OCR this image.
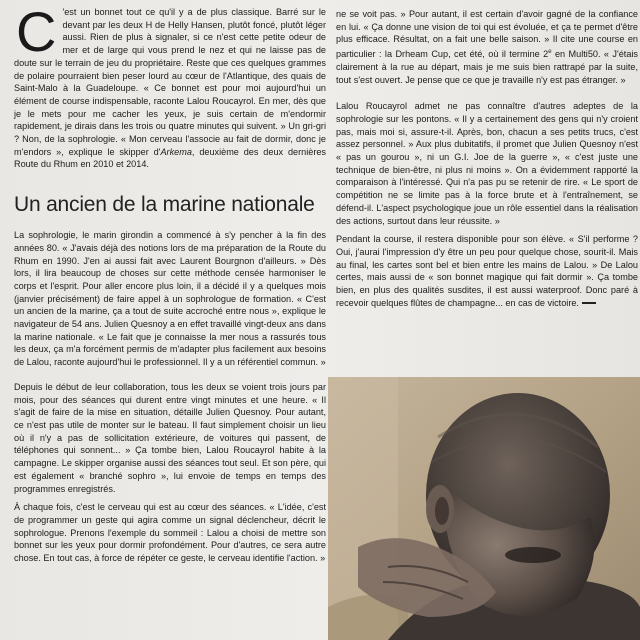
C 'est un bonnet tout ce qu'il y a de plus classique. Barré sur le devant par les deux H de Helly Hansen, plutôt foncé, plutôt léger aussi. Rien de plus à signaler, si ce n'est cette petite odeur de mer et de large qui vous prend le nez et qui ne laisse pas de doute sur le terrain de jeu du propriétaire. Reste que ces quelques grammes de polaire pourraient bien peser lourd au cœur de l'Atlantique, des quais de Saint-Malo à la Guadeloupe. « Ce bonnet est pour moi aujourd'hui un élément de course indispensable, raconte Lalou Roucayrol. En mer, dès que je le mets pour me cacher les yeux, je suis certain de m'endormir rapidement, je dirais dans les trois ou quatre minutes qui suivent. » Un gri-gri ? Non, de la sophrologie. « Mon cerveau l'associe au fait de dormir, donc je m'endors », explique le skipper d'Arkema, deuxième des deux dernières Route du Rhum en 2010 et 2014.

Un ancien de la marine nationale

La sophrologie, le marin girondin a commencé à s'y pencher à la fin des années 80. « J'avais déjà des notions lors de ma préparation de la Route du Rhum en 1990. J'en ai aussi fait avec Laurent Bourgnon d'ailleurs. » Dès lors, il lira beaucoup de choses sur cette méthode censée harmoniser le corps et l'esprit. Pour aller encore plus loin, il a décidé il y a quelques mois (janvier précisément) de faire appel à un sophrologue de formation. « C'est un ancien de la marine, ça a tout de suite accroché entre nous », explique le navigateur de 54 ans. Julien Quesnoy a en effet travaillé vingt-deux ans dans la marine nationale. « Le fait que je connaisse la mer nous a rassurés tous les deux, ça m'a forcément permis de m'adapter plus facilement aux besoins de Lalou, raconte aujourd'hui le professionnel. Il y a un référentiel commun. »

Depuis le début de leur collaboration, tous les deux se voient trois jours par mois, pour des séances qui durent entre vingt minutes et une heure. « Il s'agit de faire de la mise en situation, détaille Julien Quesnoy. Pour autant, ce n'est pas utile de monter sur le bateau. Il faut simplement choisir un lieu où il n'y a pas de sollicitation extérieure, de voitures qui passent, de téléphones qui sonnent... » Ça tombe bien, Lalou Roucayrol habite à la campagne. Le skipper organise aussi des séances tout seul. Et son père, qui est également « branché sophro », lui envoie de temps en temps des programmes enregistrés.

À chaque fois, c'est le cerveau qui est au cœur des séances. « L'idée, c'est de programmer un geste qui agira comme un signal déclencheur, décrit le sophrologue. Prenons l'exemple du sommeil : Lalou a choisi de mettre son bonnet sur les yeux pour dormir profondément. Pour d'autres, ce sera autre chose. En tout cas, à force de répéter ce geste, le cerveau identifie l'action. »

ne se voit pas. » Pour autant, il est certain d'avoir gagné de la confiance en lui. « Ça donne une vision de toi qui est évoluée, et ça te permet d'être plus efficace. Résultat, on a fait une belle saison. » Il cite une course en particulier : la Drheam Cup, cet été, où il termine 2e en Multi50. « J'étais clairement à la rue au départ, mais je me suis bien rattrapé par la suite, tout s'est ouvert. Je pense que ce que je travaille n'y est pas étranger. »

Lalou Roucayrol admet ne pas connaître d'autres adeptes de la sophrologie sur les pontons. « Il y a certainement des gens qui n'y croient pas, mais moi si, assure-t-il. Après, bon, chacun a ses petits trucs, c'est assez personnel. » Aux plus dubitatifs, il promet que Julien Quesnoy n'est « pas un gourou », ni un G.I. Joe de la guerre », « c'est juste une technique de bien-être, ni plus ni moins ». On a évidemment rapporté la comparaison à l'intéressé. Qui n'a pas pu se retenir de rire. « Le sport de compétition ne se limite pas à la force brute et à l'entraînement, se défend-il. L'aspect psychologique joue un rôle essentiel dans la réalisation des actions, surtout dans leur réussite. »

Pendant la course, il restera disponible pour son élève. « S'il performe ? Oui, j'aurai l'impression d'y être un peu pour quelque chose, sourit-il. Mais au final, les cartes sont bel et bien entre les mains de Lalou. » De Lalou certes, mais aussi de « son bonnet magique qui fait dormir ». Ça tombe bien, en plus des qualités susdites, il est aussi waterproof. Donc paré à recevoir quelques flûtes de champagne... en cas de victoire.
